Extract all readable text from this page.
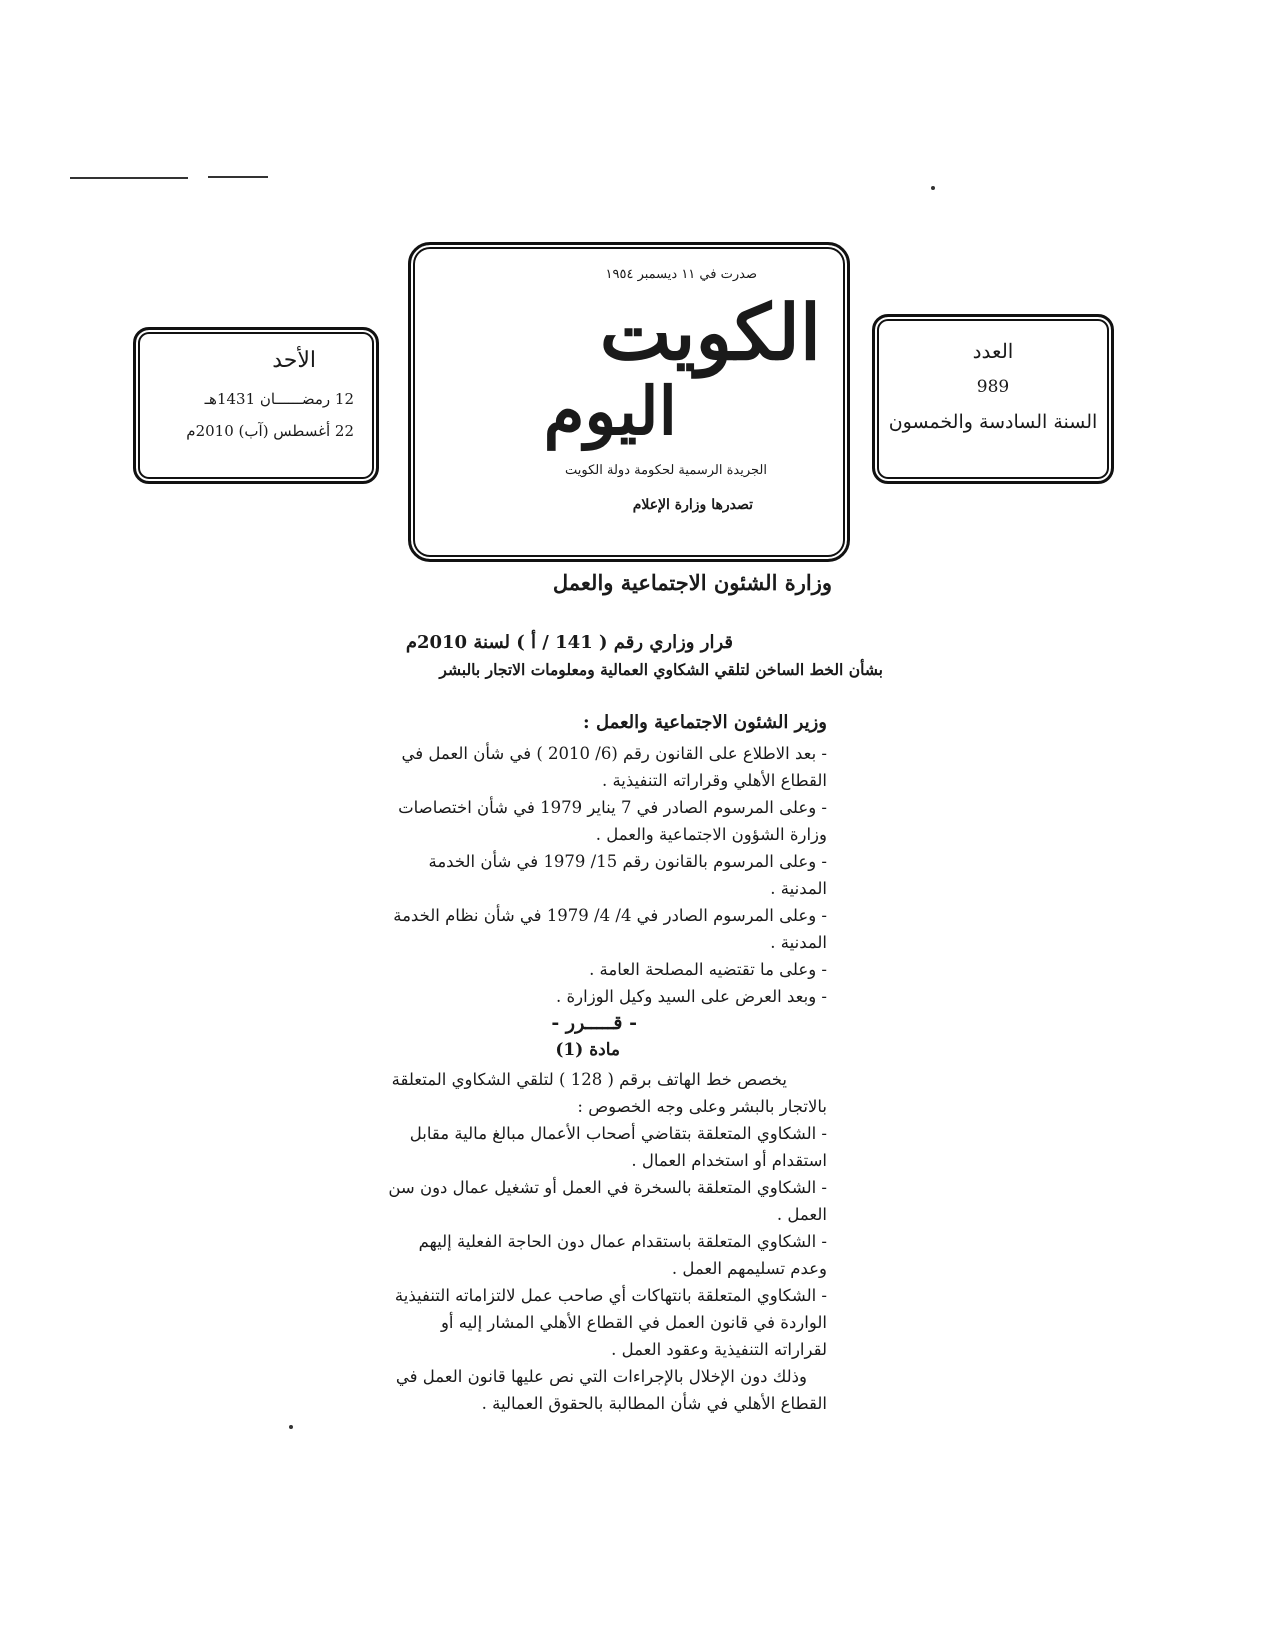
العدد
989
السنة السادسة والخمسون
الأحد
12 رمضــــــان 1431هـ
22 أغسطس (آب) 2010م
صدرت في ١١ ديسمبر ١٩٥٤
الكويت
اليوم
الجريدة الرسمية لحكومة دولة الكويت
تصدرها وزارة الإعلام
وزارة الشئون الاجتماعية والعمل
قرار وزاري رقم ( 141 / أ ) لسنة 2010م
بشأن الخط الساخن لتلقي الشكاوي العمالية ومعلومات الاتجار بالبشر
وزير الشئون الاجتماعية والعمل :

- بعد الاطلاع على القانون رقم (6/ 2010 ) في شأن العمل في القطاع الأهلي وقراراته التنفيذية .

- وعلى المرسوم الصادر في 7 يناير 1979 في شأن اختصاصات وزارة الشؤون الاجتماعية والعمل .

- وعلى المرسوم بالقانون رقم 15/ 1979 في شأن الخدمة المدنية .

- وعلى المرسوم الصادر في 4/ 4/ 1979 في شأن نظام الخدمة المدنية .

- وعلى ما تقتضيه المصلحة العامة .

- وبعد العرض على السيد وكيل الوزارة .

- قـــــرر -
مادة (1)

يخصص خط الهاتف برقم ( 128 ) لتلقي الشكاوي المتعلقة بالاتجار بالبشر وعلى وجه الخصوص :

- الشكاوي المتعلقة بتقاضي أصحاب الأعمال مبالغ مالية مقابل استقدام أو استخدام العمال .

- الشكاوي المتعلقة بالسخرة في العمل أو تشغيل عمال دون سن العمل .

- الشكاوي المتعلقة باستقدام عمال دون الحاجة الفعلية إليهم وعدم تسليمهم العمل .

- الشكاوي المتعلقة بانتهاكات أي صاحب عمل لالتزاماته التنفيذية الواردة في قانون العمل في القطاع الأهلي المشار إليه أو لقراراته التنفيذية وعقود العمل .

وذلك دون الإخلال بالإجراءات التي نص عليها قانون العمل في القطاع الأهلي في شأن المطالبة بالحقوق العمالية .
